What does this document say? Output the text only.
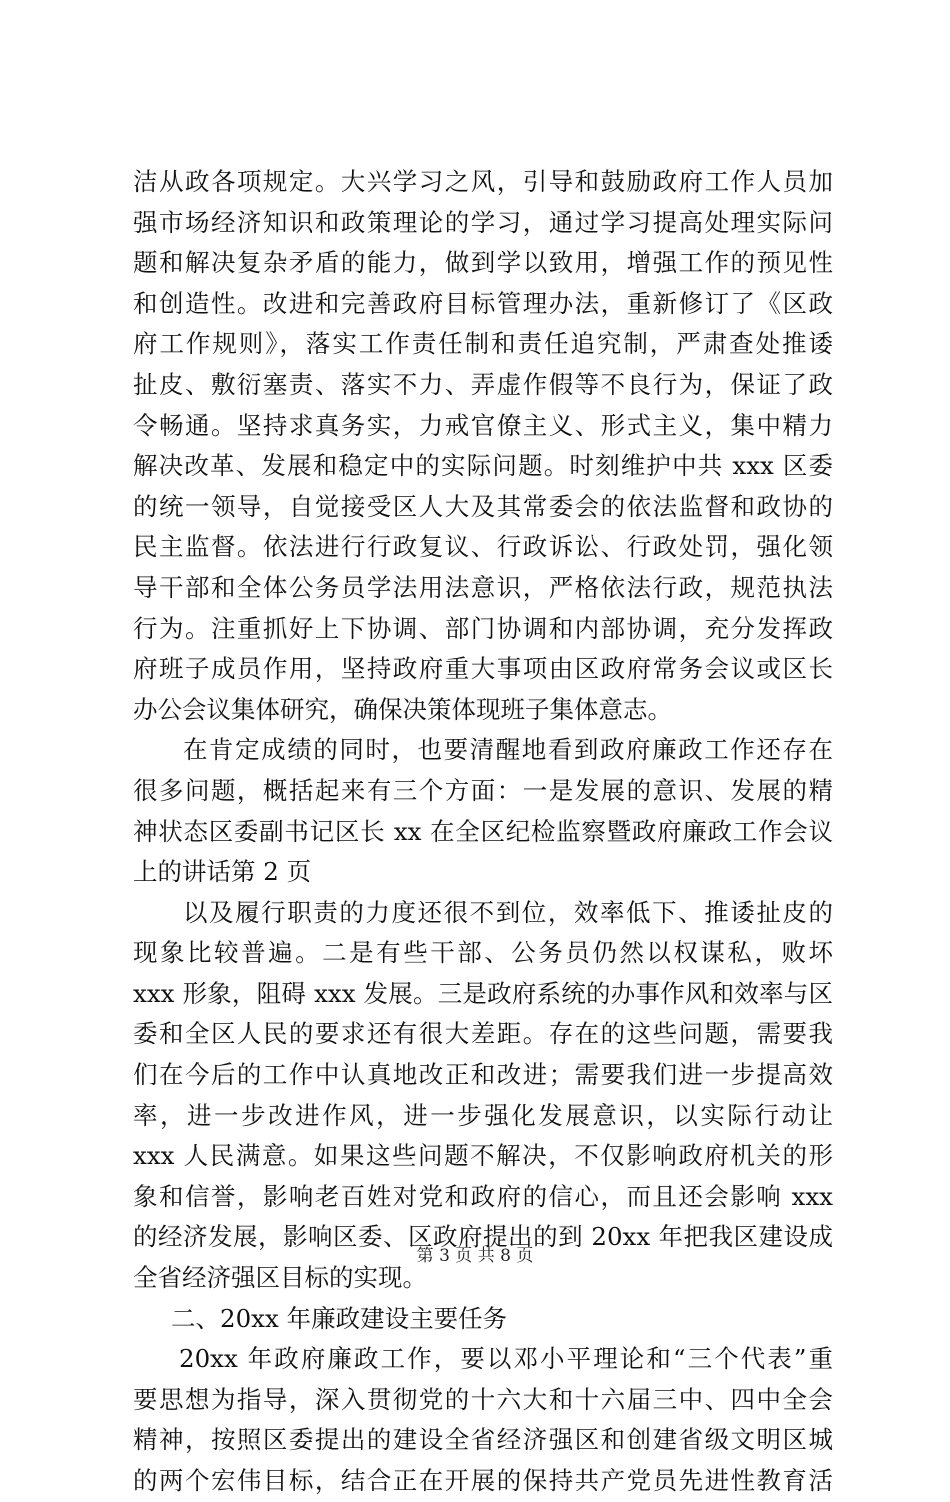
洁从政各项规定。大兴学习之风，引导和鼓励政府工作人员加
强市场经济知识和政策理论的学习，通过学习提高处理实际问
题和解决复杂矛盾的能力，做到学以致用，增强工作的预见性
和创造性。改进和完善政府目标管理办法，重新修订了《区政
府工作规则》，落实工作责任制和责任追究制，严肃查处推诿
扯皮、敷衍塞责、落实不力、弄虚作假等不良行为，保证了政
令畅通。坚持求真务实，力戒官僚主义、形式主义，集中精力
解决改革、发展和稳定中的实际问题。时刻维护中共 xxx 区委
的统一领导，自觉接受区人大及其常委会的依法监督和政协的
民主监督。依法进行行政复议、行政诉讼、行政处罚，强化领
导干部和全体公务员学法用法意识，严格依法行政，规范执法
行为。注重抓好上下协调、部门协调和内部协调，充分发挥政
府班子成员作用，坚持政府重大事项由区政府常务会议或区长
办公会议集体研究，确保决策体现班子集体意志。
在肯定成绩的同时，也要清醒地看到政府廉政工作还存在
很多问题，概括起来有三个方面：一是发展的意识、发展的精
神状态区委副书记区长 xx 在全区纪检监察暨政府廉政工作会议
上的讲话第 2 页
以及履行职责的力度还很不到位，效率低下、推诿扯皮的
现象比较普遍。二是有些干部、公务员仍然以权谋私，败坏
xxx 形象，阻碍 xxx 发展。三是政府系统的办事作风和效率与区
委和全区人民的要求还有很大差距。存在的这些问题，需要我
们在今后的工作中认真地改正和改进；需要我们进一步提高效
率，进一步改进作风，进一步强化发展意识，以实际行动让
xxx 人民满意。如果这些问题不解决，不仅影响政府机关的形
象和信誉，影响老百姓对党和政府的信心，而且还会影响 xxx
的经济发展，影响区委、区政府提出的到 20xx 年把我区建设成
全省经济强区目标的实现。
二、20xx 年廉政建设主要任务
20xx 年政府廉政工作，要以邓小平理论和“三个代表”重
要思想为指导，深入贯彻党的十六大和十六届三中、四中全会
精神，按照区委提出的建设全省经济强区和创建省级文明区城
的两个宏伟目标，结合正在开展的保持共产党员先进性教育活
第 3 页 共 8 页
